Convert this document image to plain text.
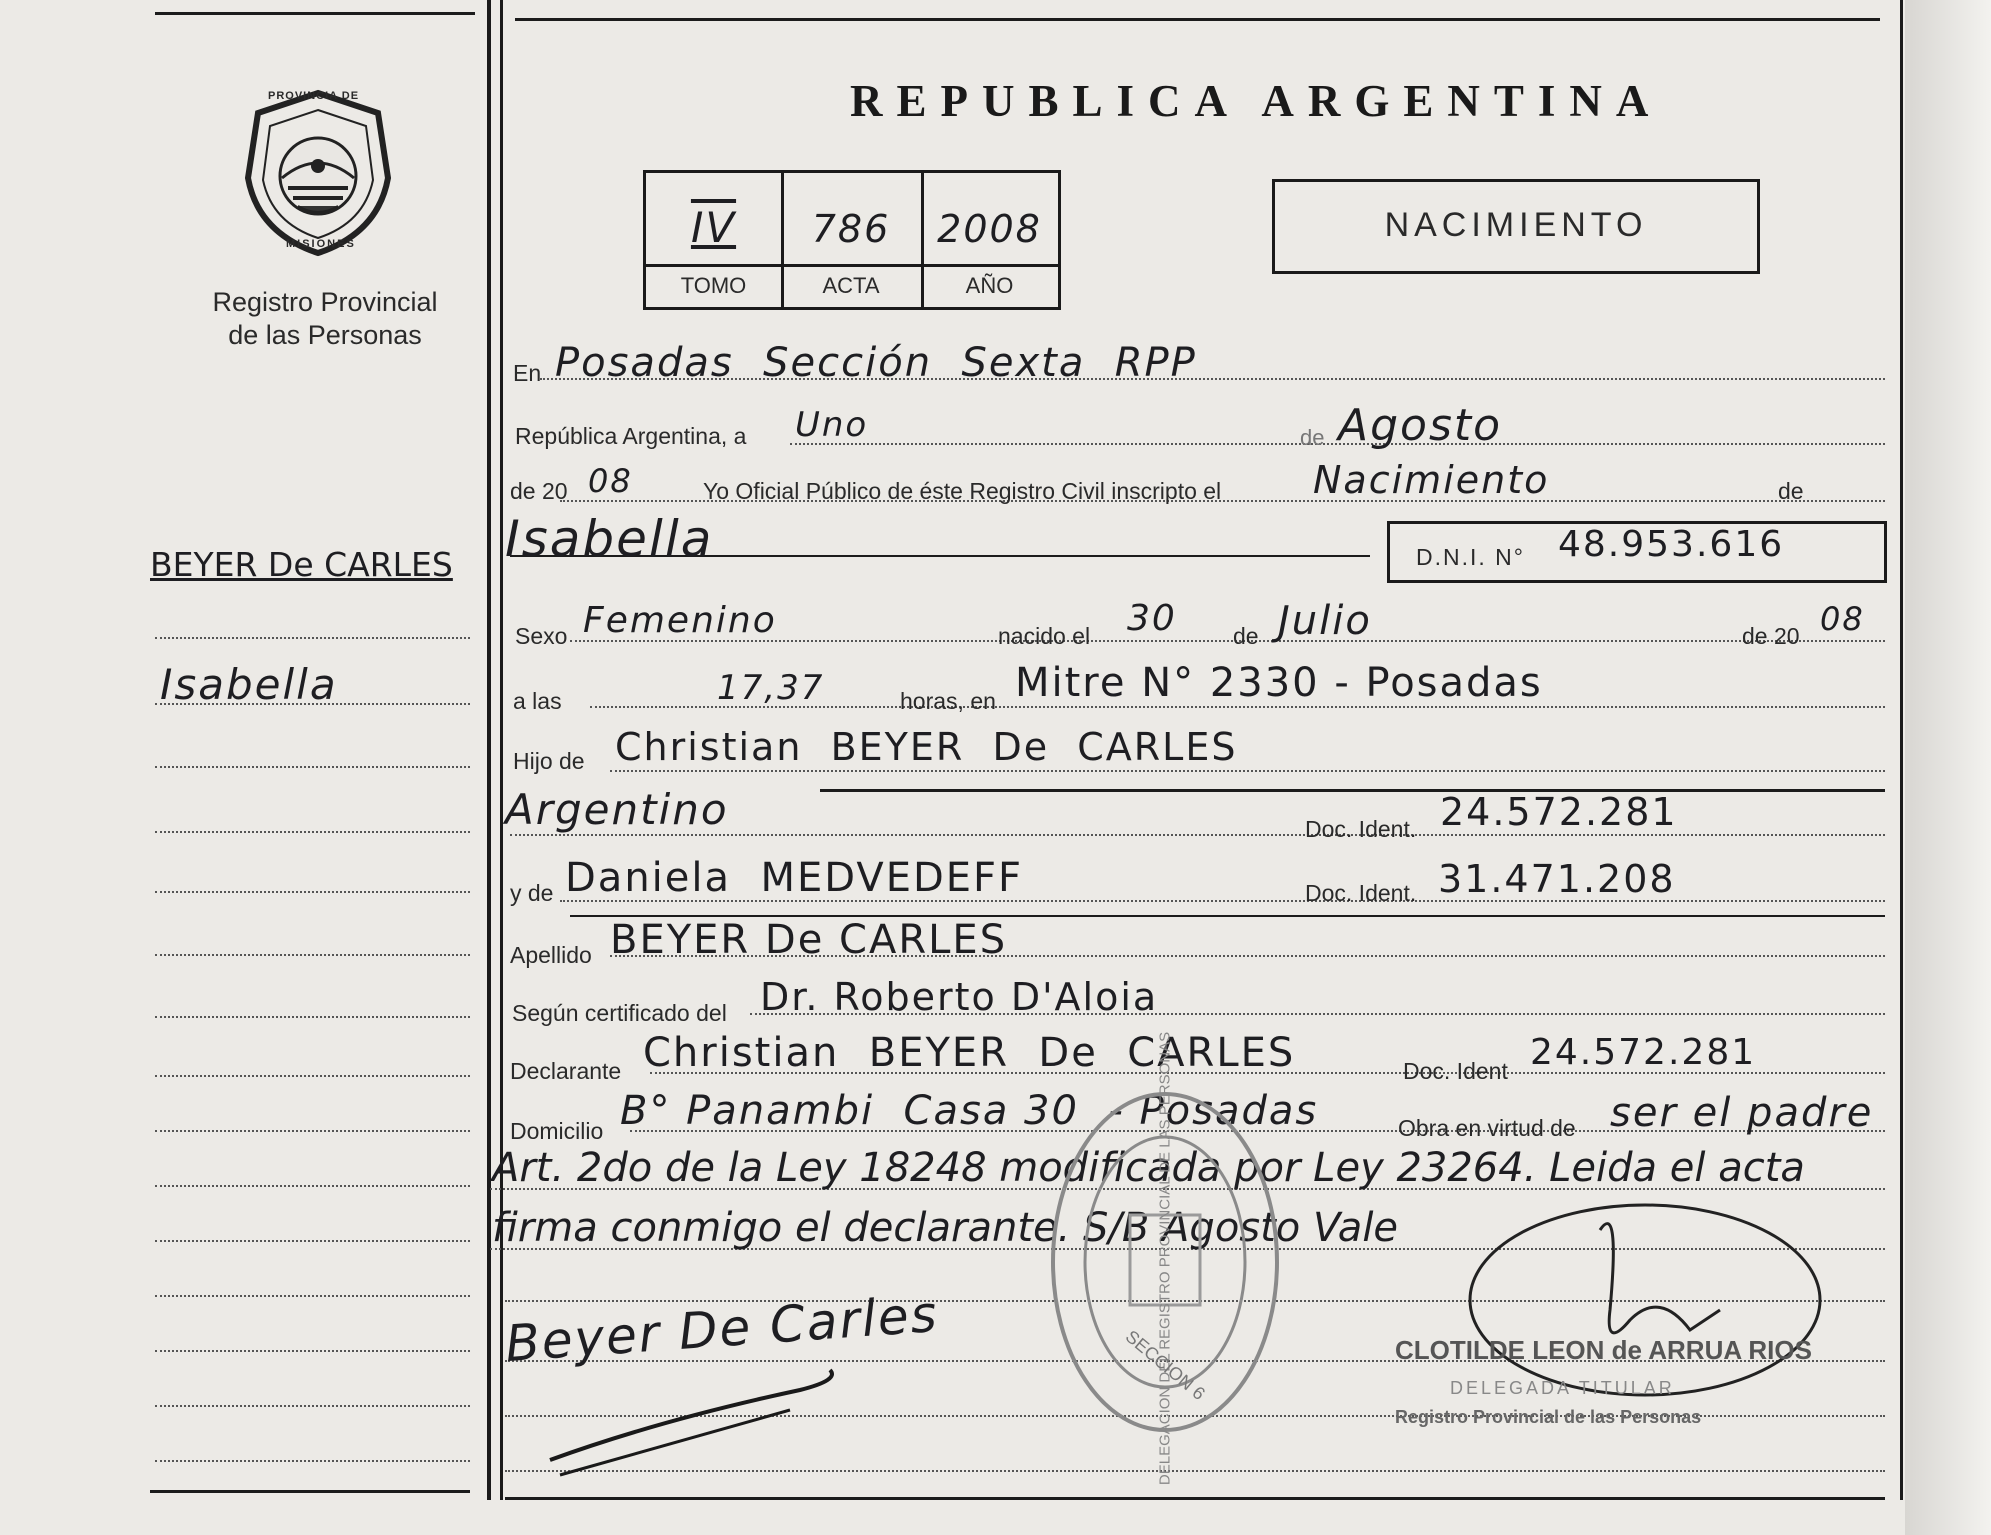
PROVINCIA DE
MISIONES
Registro Provincial
de las Personas
REPUBLICA ARGENTINA
IV	786	2008
TOMO	ACTA	AÑO
NACIMIENTO
BEYER De CARLES
Isabella
En Posadas  Sección  Sexta  RPP
República Argentina, a Uno	de Agosto
de 20 08	Yo Oficial Público de éste Registro Civil inscripto el Nacimiento	de
Isabella	D.N.I. N° 48.953.616
Sexo Femenino	nacido el 30 de Julio	de 20 08
a las	17,37	horas, en Mitre N° 2330 - Posadas
Hijo de Christian  BEYER  De  CARLES
Argentino	Doc. Ident. 24.572.281
y de Daniela  MEDVEDEFF	Doc. Ident. 31.471.208
Apellido BEYER De CARLES
Según certificado del Dr. Roberto D'Aloia
Declarante Christian  BEYER  De  CARLES	Doc. Ident 24.572.281
Domicilio B° Panambi  Casa 30  - Posadas	Obra en virtud de ser el padre
Art. 2do de la Ley 18248 modificada por Ley 23264. Leida el acta
firma conmigo el declarante. S/B Agosto Vale
DELEGACION DEL REGISTRO PROVINCIAL DE LAS PERSONAS
SECCION 6
Beyer De Carles	CLOTILDE LEON de ARRUA RIOS
DELEGADA TITULAR
Registro Provincial de las Personas
